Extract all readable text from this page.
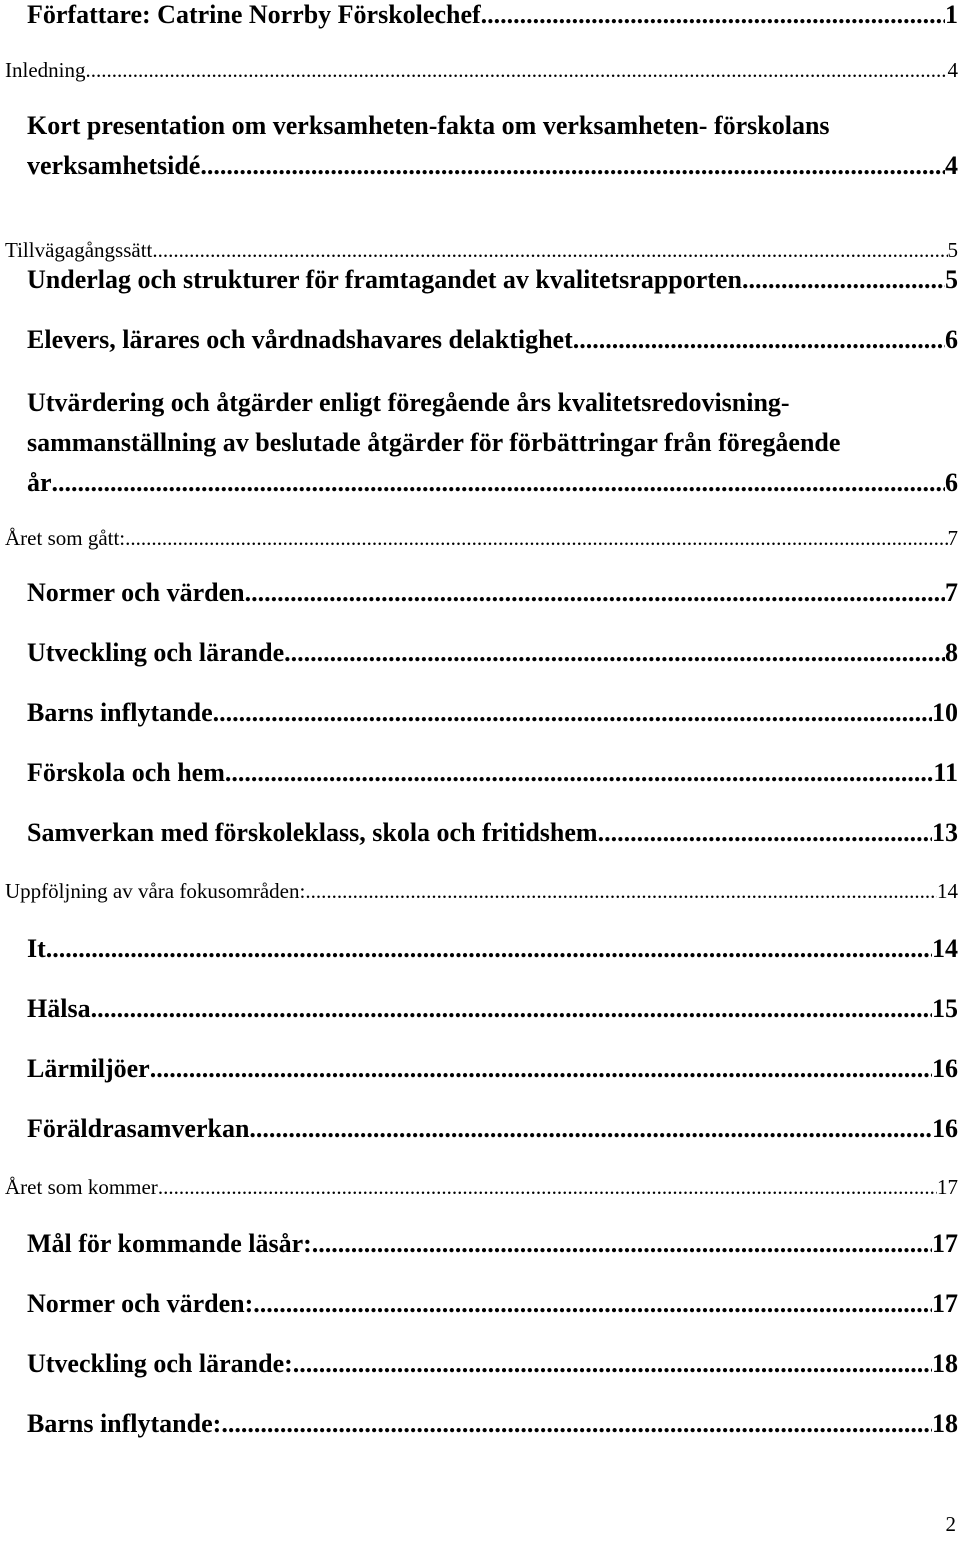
Författare: Catrine Norrby Förskolechef .....	1
Inledning .....	4
Kort presentation om verksamheten-fakta om verksamheten- förskolans
verksamhetsidé. .....	4
Tillvägagångssätt .....	5
Underlag och strukturer för framtagandet av kvalitetsrapporten .....	5
Elevers, lärares och vårdnadshavares delaktighet .....	6
Utvärdering och åtgärder enligt föregående års kvalitetsredovisning-
sammanställning av beslutade åtgärder för förbättringar från föregående
år .....	6
Året som gått: .....	7
Normer och värden .....	7
Utveckling och lärande .....	8
Barns inflytande .....	10
Förskola och hem .....	11
Samverkan med förskoleklass, skola och fritidshem .....	13
Uppföljning av våra fokusområden: .....	14
It .....	14
Hälsa .....	15
Lärmiljöer .....	16
Föräldrasamverkan .....	16
Året som kommer .....	17
Mål för kommande läsår: .....	17
Normer och värden: .....	17
Utveckling och lärande: .....	18
Barns inflytande: .....	18
2
